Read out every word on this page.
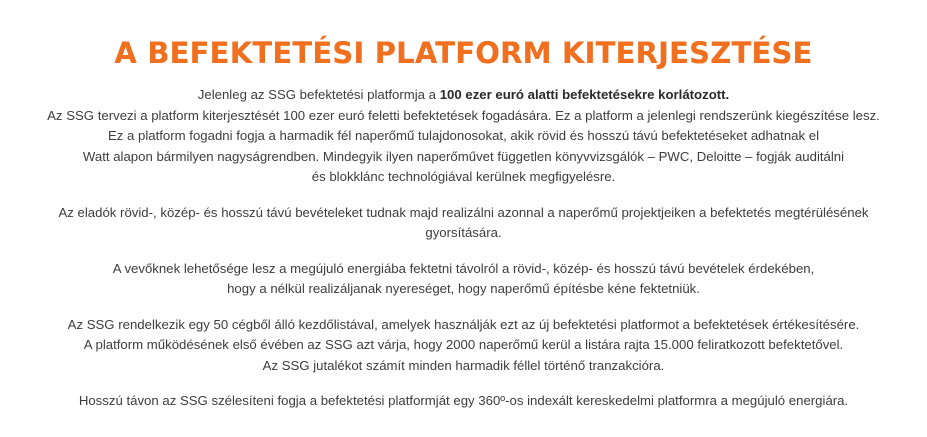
A BEFEKTETÉSI PLATFORM KITERJESZTÉSE

Jelenleg az SSG befektetési platformja a 100 ezer euró alatti befektetésekre korlátozott.
Az SSG tervezi a platform kiterjesztését 100 ezer euró feletti befektetések fogadására. Ez a platform a jelenlegi rendszerünk kiegészítése lesz.
Ez a platform fogadni fogja a harmadik fél naperőmű tulajdonosokat, akik rövid és hosszú távú befektetéseket adhatnak el
Watt alapon bármilyen nagyságrendben. Mindegyik ilyen naperőművet független könyvvizsgálók – PWC, Deloitte – fogják auditálni
és blokklánc technológiával kerülnek megfigyelésre.

Az eladók rövid-, közép- és hosszú távú bevételeket tudnak majd realizálni azonnal a naperőmű projektjeiken a befektetés megtérülésének
gyorsítására.

A vevőknek lehetősége lesz a megújuló energiába fektetni távolról a rövid-, közép- és hosszú távú bevételek érdekében,
hogy a nélkül realizáljanak nyereséget, hogy naperőmű építésbe kéne fektetniük.

Az SSG rendelkezik egy 50 cégből álló kezdőlistával, amelyek használják ezt az új befektetési platformot a befektetések értékesítésére.
A platform működésének első évében az SSG azt várja, hogy 2000 naperőmű kerül a listára rajta 15.000 feliratkozott befektetővel.
Az SSG jutalékot számít minden harmadik féllel történő tranzakcióra.

Hosszú távon az SSG szélesíteni fogja a befektetési platformját egy 360º-os indexált kereskedelmi platformra a megújuló energiára.
